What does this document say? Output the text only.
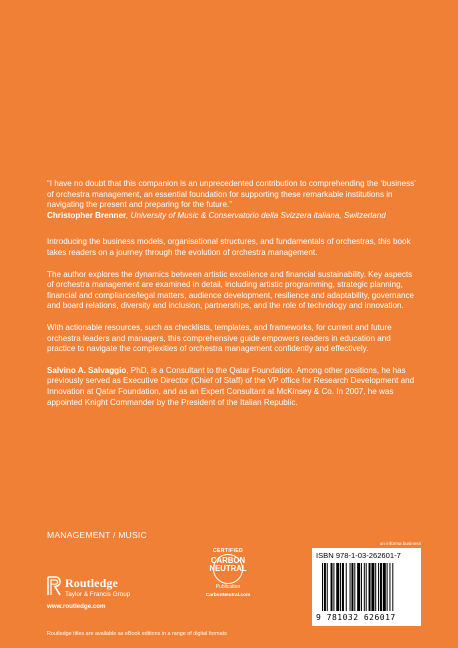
“I have no doubt that this companion is an unprecedented contribution to comprehending the ‘business’ of orchestra management, an essential foundation for supporting these remarkable institutions in navigating the present and preparing for the future.”
Christopher Brenner, University of Music & Conservatorio della Svizzera italiana, Switzerland

Introducing the business models, organisational structures, and fundamentals of orchestras, this book takes readers on a journey through the evolution of orchestra management.

The author explores the dynamics between artistic excellence and financial sustainability. Key aspects of orchestra management are examined in detail, including artistic programming, strategic planning, financial and compliance/legal matters, audience development, resilience and adaptability, governance and board relations, diversity and inclusion, partnerships, and the role of technology and innovation.

With actionable resources, such as checklists, templates, and frameworks, for current and future orchestra leaders and managers, this comprehensive guide empowers readers in education and practice to navigate the complexities of orchestra management confidently and effectively.

Salvino A. Salvaggio, PhD, is a Consultant to the Qatar Foundation. Among other positions, he has previously served as Executive Director (Chief of Staff) of the VP office for Research Development and Innovation at Qatar Foundation, and as an Expert Consultant at McKinsey & Co. In 2007, he was appointed Knight Commander by the President of the Italian Republic.

MANAGEMENT / MUSIC
Routledge
Taylor & Francis Group
www.routledge.com
CERTIFIED
CARBON
NEUTRAL
Publication
CarbonNeutral.com
an informa business
ISBN 978-1-03-262601-7
9 781032 626017
Routledge titles are available as eBook editions in a range of digital formats
